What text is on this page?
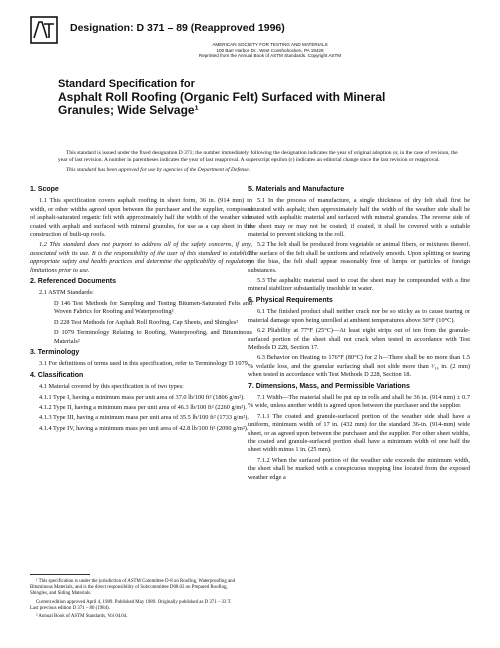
Designation: D 371 – 89 (Reapproved 1996)
AMERICAN SOCIETY FOR TESTING AND MATERIALS
100 Barr Harbor Dr., West Conshohocken, PA 19428
Reprinted from the Annual Book of ASTM Standards. Copyright ASTM
Standard Specification for
Asphalt Roll Roofing (Organic Felt) Surfaced with Mineral
Granules; Wide Selvage¹

This standard is issued under the fixed designation D 371; the number immediately following the designation indicates the year of original adoption or, in the case of revision, the year of last revision. A number in parentheses indicates the year of last reapproval. A superscript epsilon (ε) indicates an editorial change since the last revision or reapproval.

This standard has been approved for use by agencies of the Department of Defense.

1. Scope

1.1 This specification covers asphalt roofing in sheet form, 36 in. (914 mm) in width, or other widths agreed upon between the purchaser and the supplier, composed of asphalt-saturated organic felt with approximately half the width of the weather side coated with asphalt and surfaced with mineral granules, for use as a cap sheet in the construction of built-up roofs.

1.2 This standard does not purport to address all of the safety concerns, if any, associated with its use. It is the responsibility of the user of this standard to establish appropriate safety and health practices and determine the applicability of regulatory limitations prior to use.

2. Referenced Documents

2.1 ASTM Standards:

D 146 Test Methods for Sampling and Testing Bitumen-Saturated Felts and Woven Fabrics for Roofing and Waterproofing²

D 228 Test Methods for Asphalt Roll Roofing, Cap Sheets, and Shingles²

D 1079 Terminology Relating to Roofing, Waterproofing, and Bituminous Materials²

3. Terminology

3.1 For definitions of terms used in this specification, refer to Terminology D 1079.

4. Classification

4.1 Material covered by this specification is of two types:

4.1.1 Type I, having a minimum mass per unit area of 37.0 lb/100 ft² (1806 g/m²).

4.1.2 Type II, having a minimum mass per unit area of 46.3 lb/100 ft² (2260 g/m²).

4.1.3 Type III, having a minimum mass per unit area of 35.5 lb/100 ft² (1733 g/m²).

4.1.4 Type IV, having a minimum mass per unit area of 42.8 lb/100 ft² (2090 g/m²).

5. Materials and Manufacture

5.1 In the process of manufacture, a single thickness of dry felt shall first be saturated with asphalt; then approximately half the width of the weather side shall be coated with asphaltic material and surfaced with mineral granules. The reverse side of the sheet may or may not be coated; if coated, it shall be covered with a suitable material to prevent sticking in the roll.

5.2 The felt shall be produced from vegetable or animal fibers, or mixtures thereof. The surface of the felt shall be uniform and relatively smooth. Upon splitting or tearing on the bias, the felt shall appear reasonably free of lumps or particles of foreign substances.

5.3 The asphaltic material used to coat the sheet may be compounded with a fine mineral stabilizer substantially insoluble in water.

6. Physical Requirements

6.1 The finished product shall neither crack nor be so sticky as to cause tearing or material damage upon being unrolled at ambient temperatures above 50°F (10°C).

6.2 Pliability at 77°F (25°C)—At least eight strips out of ten from the granule-surfaced portion of the sheet shall not crack when tested in accordance with Test Methods D 228, Section 17.

6.3 Behavior on Heating to 176°F (80°C) for 2 h—There shall be no more than 1.5 % volatile loss, and the granular surfacing shall not slide more than ¹⁄₁₆ in. (2 mm) when tested in accordance with Test Methods D 228, Section 18.

7. Dimensions, Mass, and Permissible Variations

7.1 Width—The material shall be put up in rolls and shall be 36 in. (914 mm) ± 0.7 % wide, unless another width is agreed upon between the purchaser and the supplier.

7.1.1 The coated and granule-surfaced portion of the weather side shall have a uniform, minimum width of 17 in. (432 mm) for the standard 36-in. (914-mm) wide sheet, or as agreed upon between the purchaser and the supplier. For other sheet widths, the coated and granule-surfaced portion shall have a minimum width of one half the sheet width minus 1 in. (25 mm).

7.1.2 When the surfaced portion of the weather side exceeds the minimum width, the sheet shall be marked with a conspicuous mopping line located from the exposed weather edge a

¹ This specification is under the jurisdiction of ASTM Committee D-8 on Roofing, Waterproofing and Bituminous Materials, and is the direct responsibility of Subcommittee D08.02 on Prepared Roofing, Shingles, and Siding Materials.

Current edition approved April 4, 1989. Published May 1989. Originally published as D 371 – 33 T. Last previous edition D 371 – 80 (1984).

² Annual Book of ASTM Standards, Vol 04.04.
